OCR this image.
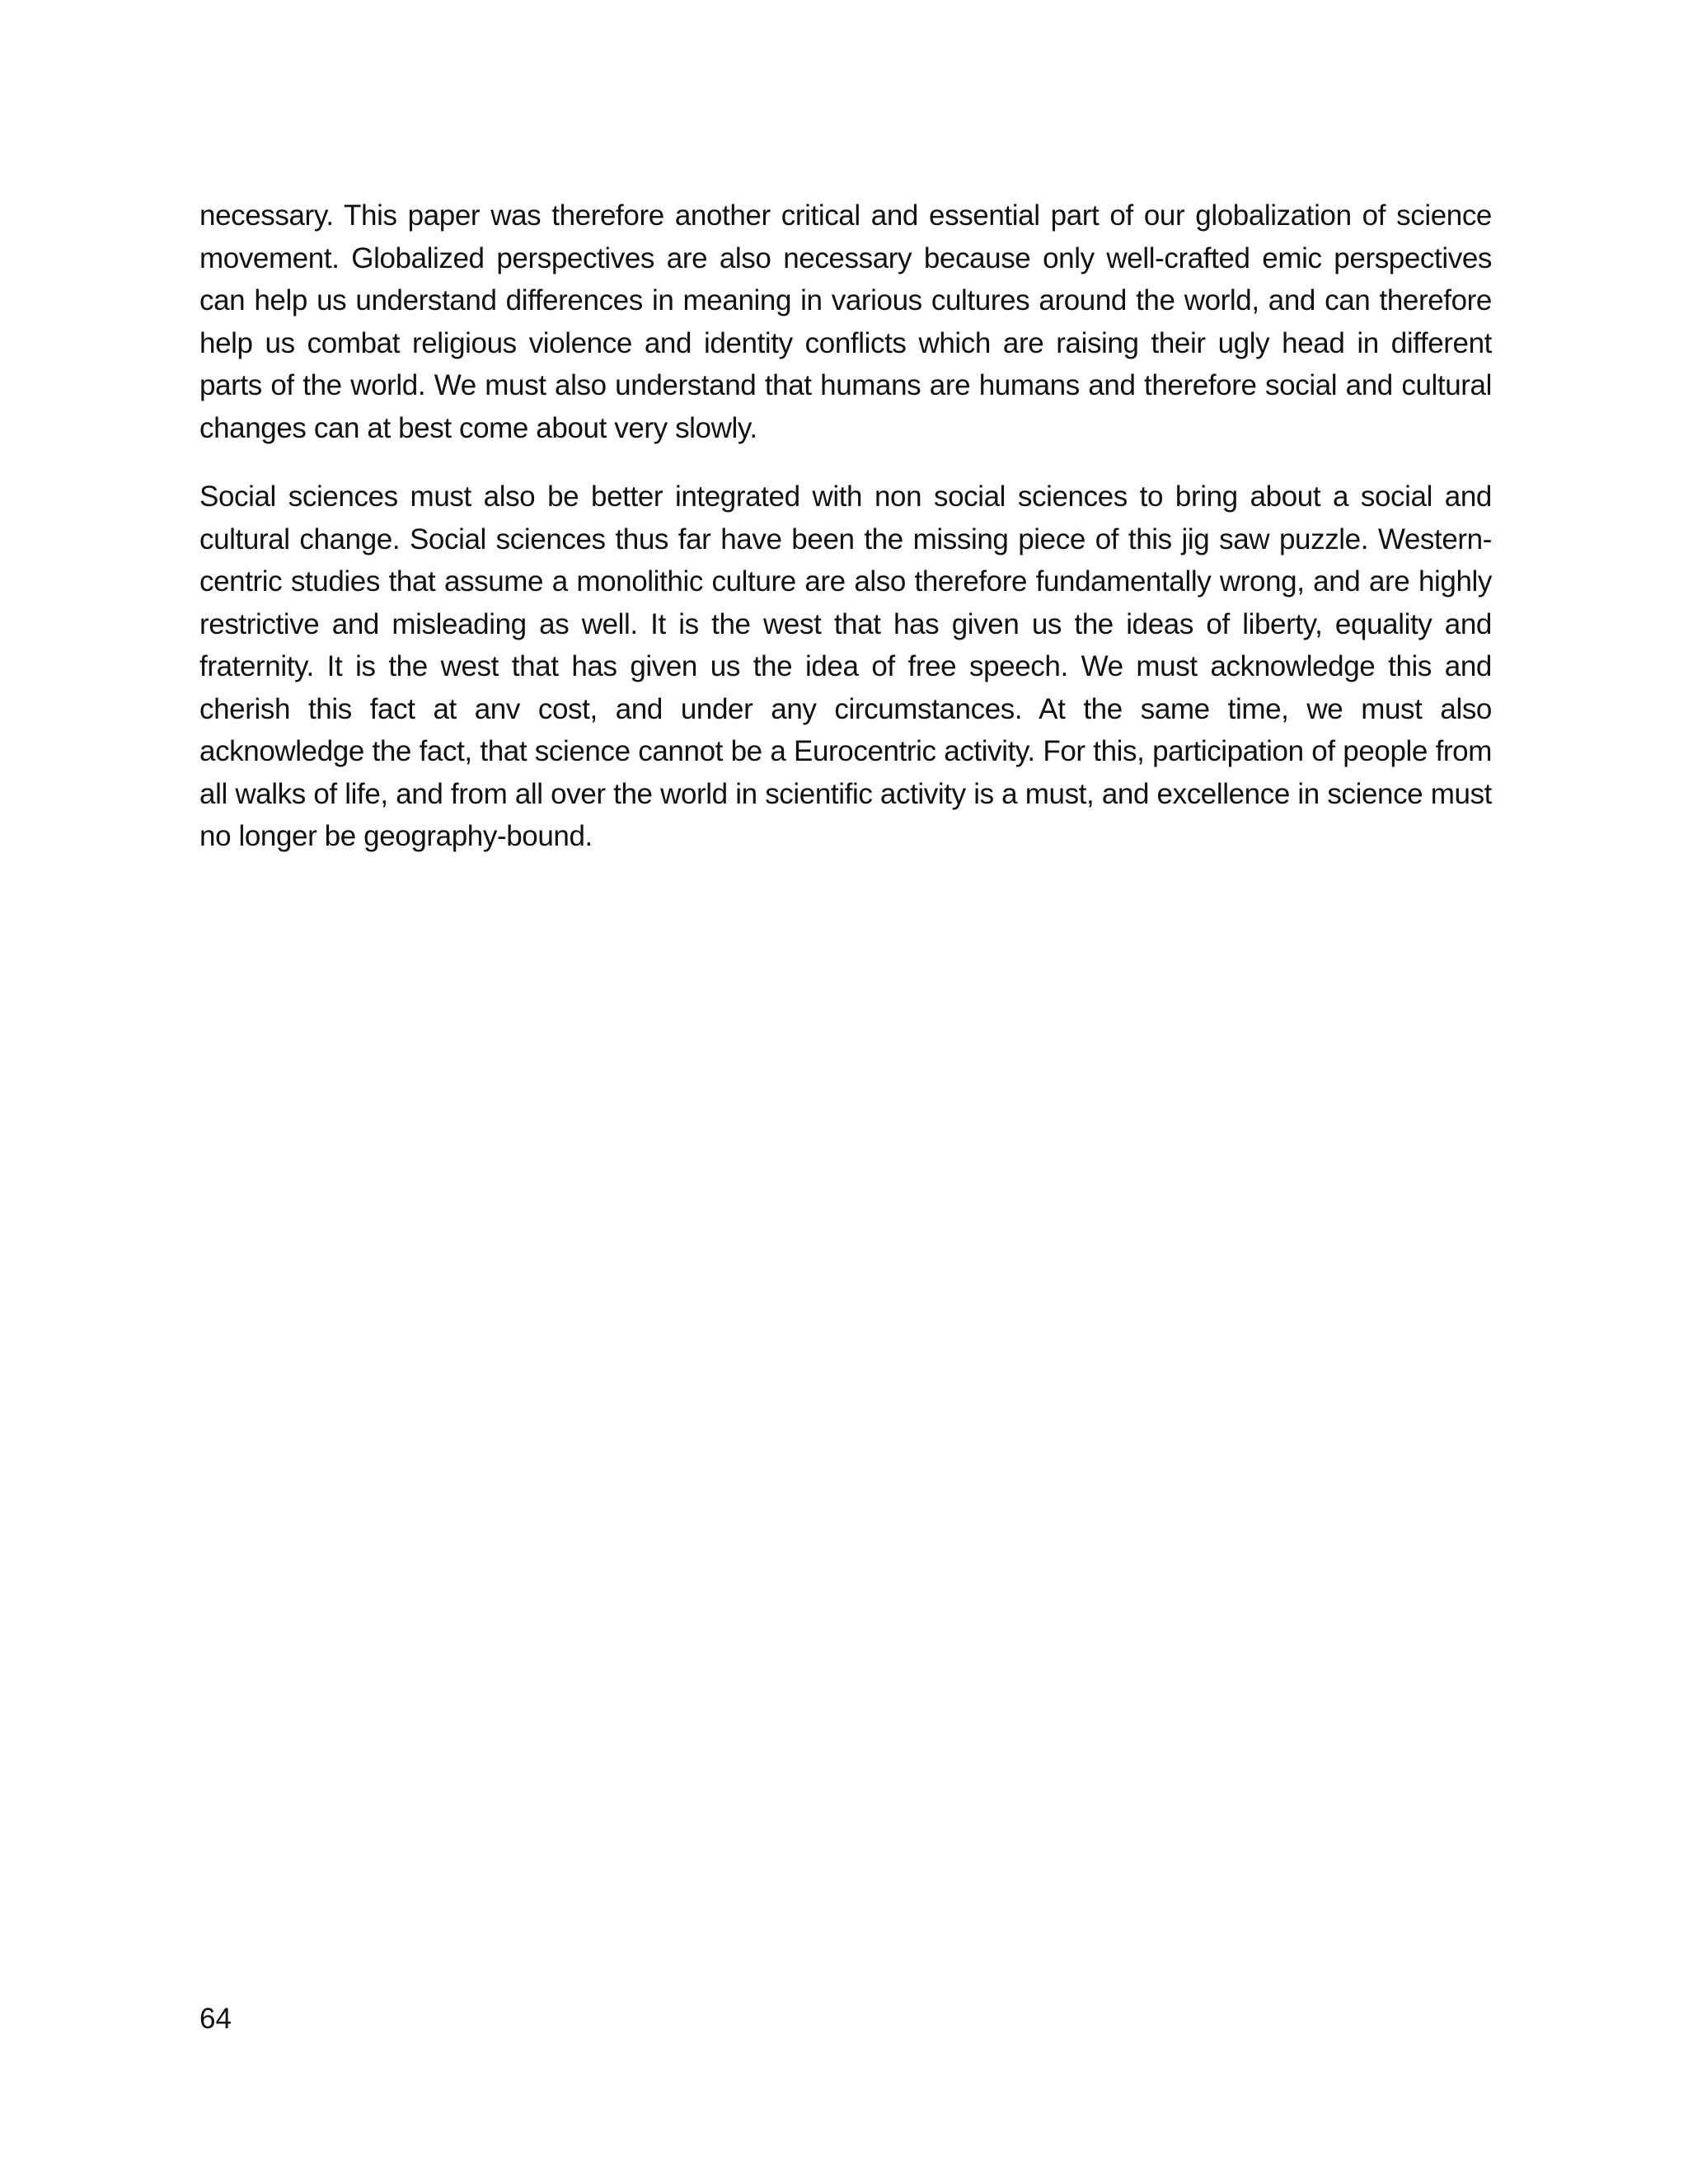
necessary. This paper was therefore another critical and essential part of our globalization of science movement. Globalized perspectives are also necessary because only well-crafted emic perspectives can help us understand differences in meaning in various cultures around the world, and can therefore help us combat religious violence and identity conflicts which are raising their ugly head in different parts of the world. We must also understand that humans are humans and therefore social and cultural changes can at best come about very slowly.

Social sciences must also be better integrated with non social sciences to bring about a social and cultural change. Social sciences thus far have been the missing piece of this jig saw puzzle. Western-centric studies that assume a monolithic culture are also therefore fundamentally wrong, and are highly restrictive and misleading as well. It is the west that has given us the ideas of liberty, equality and fraternity. It is the west that has given us the idea of free speech. We must acknowledge this and cherish this fact at anv cost, and under any circumstances. At the same time, we must also acknowledge the fact, that science cannot be a Eurocentric activity. For this, participation of people from all walks of life, and from all over the world in scientific activity is a must, and excellence in science must no longer be geography-bound.

64
